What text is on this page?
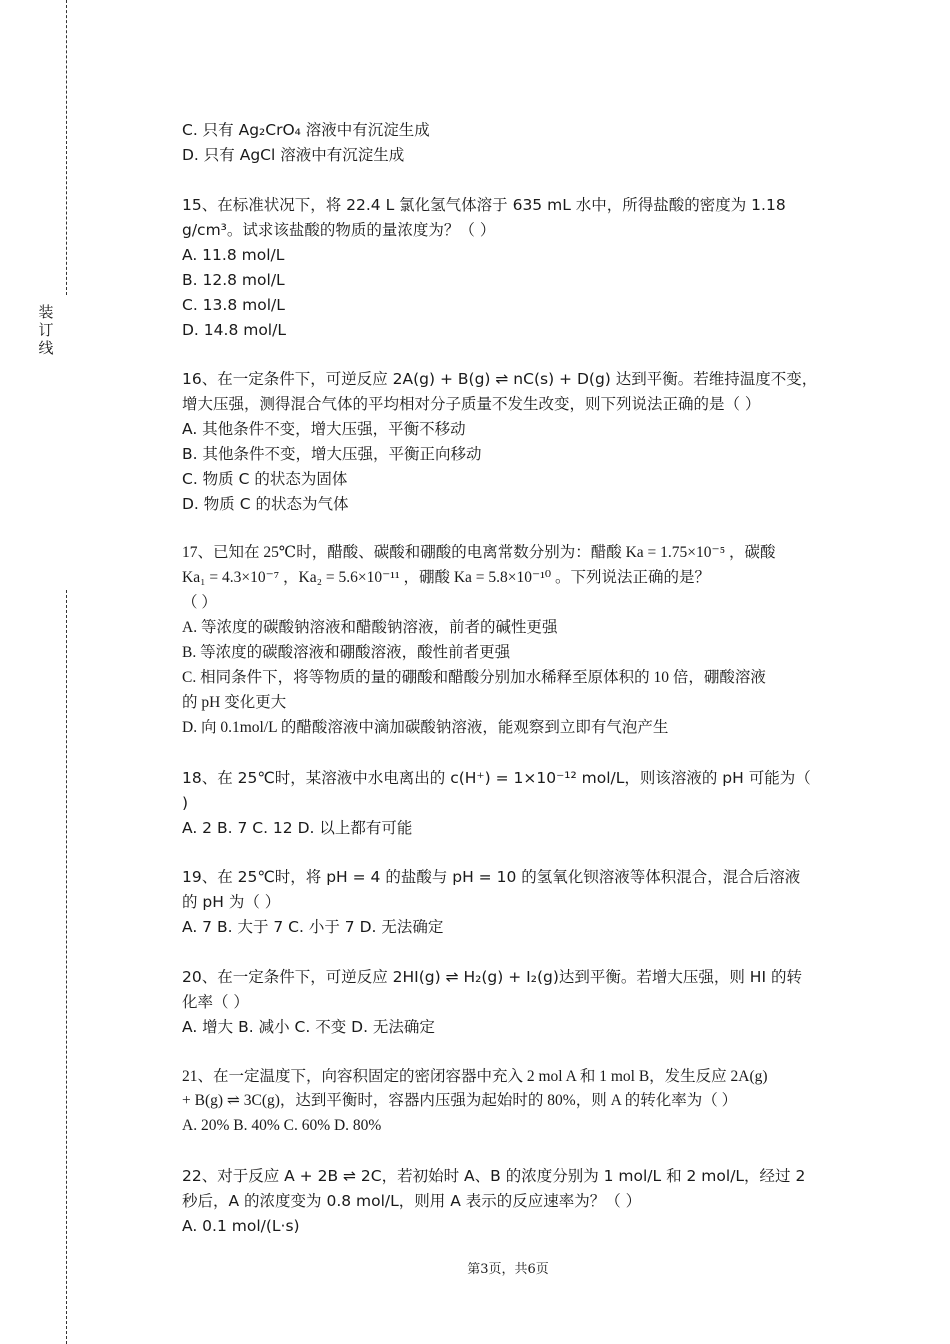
装订线
C. 只有 Ag₂CrO₄ 溶液中有沉淀生成
D. 只有 AgCl 溶液中有沉淀生成
15、在标准状况下，将 22.4 L 氯化氢气体溶于 635 mL 水中，所得盐酸的密度为 1.18
g/cm³。试求该盐酸的物质的量浓度为？（ ）
A. 11.8 mol/L
B. 12.8 mol/L
C. 13.8 mol/L
D. 14.8 mol/L
16、在一定条件下，可逆反应 2A(g) + B(g) ⇌ nC(s) + D(g) 达到平衡。若维持温度不变，
增大压强，测得混合气体的平均相对分子质量不发生改变，则下列说法正确的是（ ）
A. 其他条件不变，增大压强，平衡不移动
B. 其他条件不变，增大压强，平衡正向移动
C. 物质 C 的状态为固体
D. 物质 C 的状态为气体
17、已知在 25℃时，醋酸、碳酸和硼酸的电离常数分别为：醋酸 Ka = 1.75×10⁻⁵ ，碳酸
Ka₁ = 4.3×10⁻⁷ ，Ka₂ = 5.6×10⁻¹¹ ，硼酸 Ka = 5.8×10⁻¹⁰ 。下列说法正确的是？
（ ）
A. 等浓度的碳酸钠溶液和醋酸钠溶液，前者的碱性更强
B. 等浓度的碳酸溶液和硼酸溶液，酸性前者更强
C. 相同条件下，将等物质的量的硼酸和醋酸分别加水稀释至原体积的 10 倍，硼酸溶液
的 pH 变化更大
D. 向 0.1mol/L 的醋酸溶液中滴加碳酸钠溶液，能观察到立即有气泡产生
18、在 25℃时，某溶液中水电离出的 c(H⁺) = 1×10⁻¹² mol/L，则该溶液的 pH 可能为（
)
A. 2 B. 7 C. 12 D. 以上都有可能
19、在 25℃时，将 pH = 4 的盐酸与 pH = 10 的氢氧化钡溶液等体积混合，混合后溶液
的 pH 为（ ）
A. 7 B. 大于 7 C. 小于 7 D. 无法确定
20、在一定条件下，可逆反应 2HI(g) ⇌ H₂(g) + I₂(g)达到平衡。若增大压强，则 HI 的转
化率（ ）
A. 增大 B. 减小 C. 不变 D. 无法确定
21、在一定温度下，向容积固定的密闭容器中充入 2 mol A 和 1 mol B，发生反应 2A(g)
+ B(g) ⇌ 3C(g)，达到平衡时，容器内压强为起始时的 80%，则 A 的转化率为（ ）
A. 20% B. 40% C. 60% D. 80%
22、对于反应 A + 2B ⇌ 2C，若初始时 A、B 的浓度分别为 1 mol/L 和 2 mol/L，经过 2
秒后，A 的浓度变为 0.8 mol/L，则用 A 表示的反应速率为？（ ）
A. 0.1 mol/(L·s)
第3页，共6页
